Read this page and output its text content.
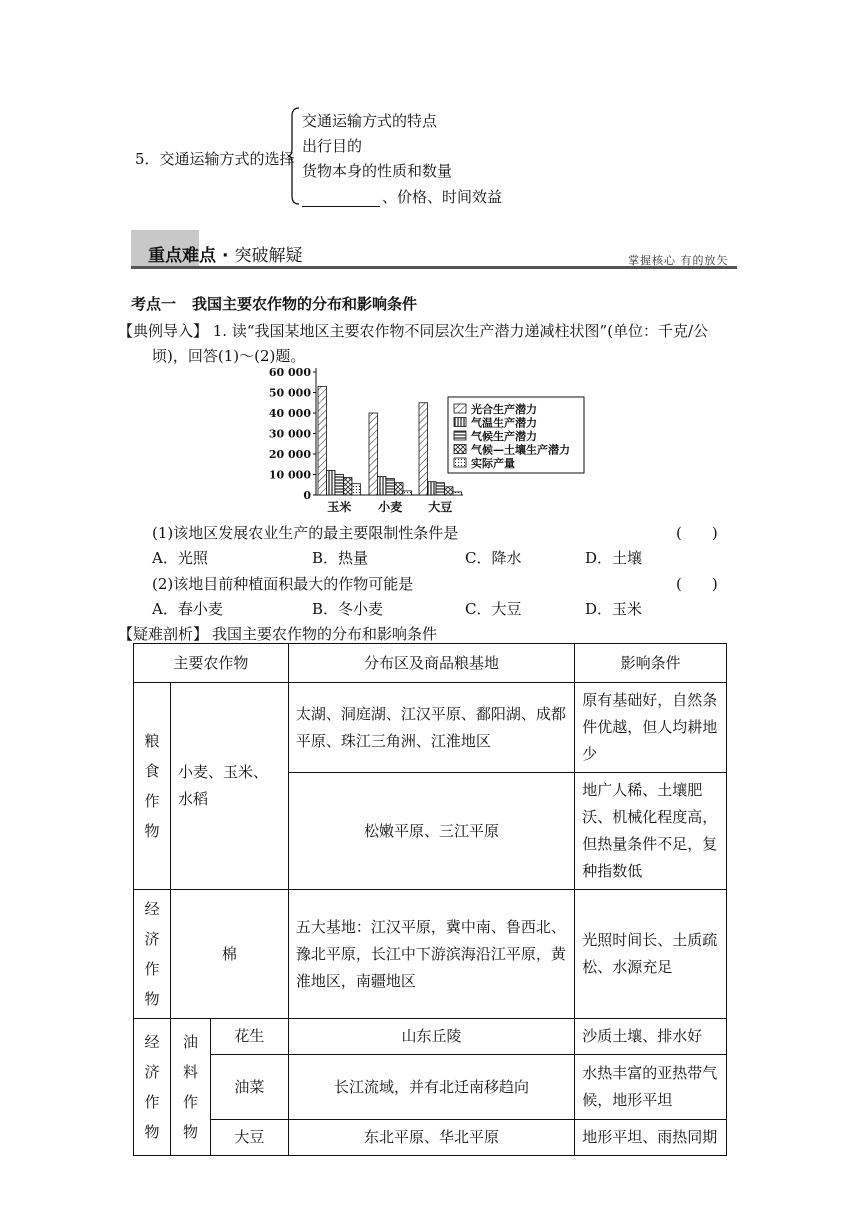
5．交通运输方式的选择
交通运输方式的特点
出行目的
货物本身的性质和数量
、价格、时间效益
重点难点 · 突破解疑	掌握核心 有的放矢
考点一 我国主要农作物的分布和影响条件
【典例导入】 1. 读“我国某地区主要农作物不同层次生产潜力递减柱状图”(单位：千克/公
顷)，回答(1)～(2)题。
0
10 000
20 000
30 000
40 000
50 000
60 000
玉米 小麦 大豆
光合生产潜力
气温生产潜力
气候生产潜力
气候—土壤生产潜力
实际产量
(1)该地区发展农业生产的最主要限制性条件是	(　　)
A．光照	B．热量	C．降水	D．土壤
(2)该地目前种植面积最大的作物可能是	(　　)
A．春小麦	B．冬小麦	C．大豆	D．玉米
【疑难剖析】 我国主要农作物的分布和影响条件
主要农作物			分布区及商品粮基地	影响条件

粮
食
作
物	小麦、玉米、水稻		太湖、洞庭湖、江汉平原、鄱阳湖、成都平原、珠江三角洲、江淮地区	原有基础好，自然条件优越，但人均耕地少
			松嫩平原、三江平原	地广人稀、土壤肥沃、机械化程度高，但热量条件不足，复种指数低

经
济
作
物	棉		五大基地：江汉平原，冀中南、鲁西北、豫北平原，长江中下游滨海沿江平原，黄淮地区，南疆地区	光照时间长、土质疏松、水源充足

经
济
作
物	油
料
作
物	花生	山东丘陵	沙质土壤、排水好
		油菜	长江流域，并有北迁南移趋向	水热丰富的亚热带气候，地形平坦
		大豆	东北平原、华北平原	地形平坦、雨热同期
